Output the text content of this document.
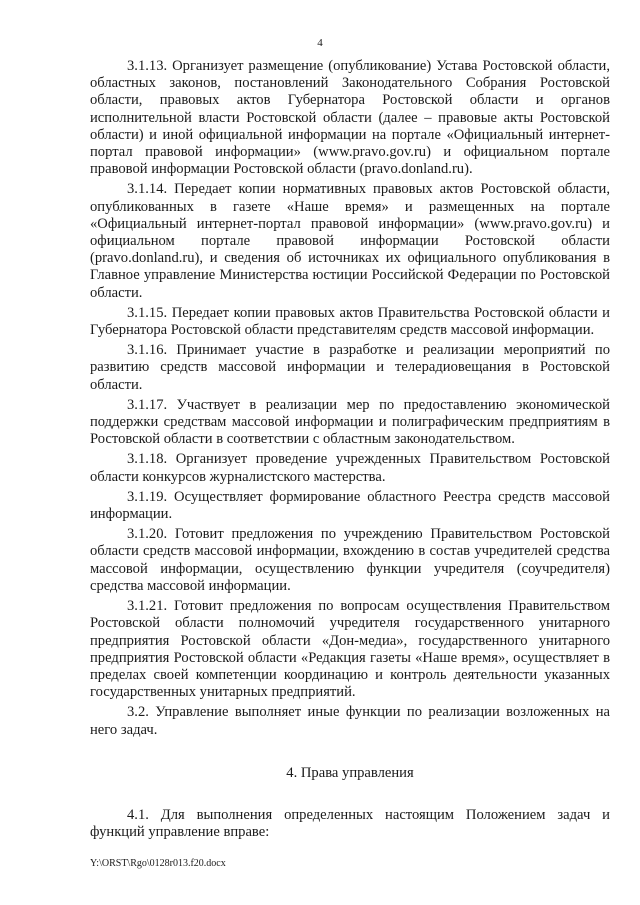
4

3.1.13. Организует размещение (опубликование) Устава Ростовской области, областных законов, постановлений Законодательного Собрания Ростовской области, правовых актов Губернатора Ростовской области и органов исполнительной власти Ростовской области (далее – правовые акты Ростовской области) и иной официальной информации на портале «Официальный интернет-портал правовой информации» (www.pravo.gov.ru) и официальном портале правовой информации Ростовской области (pravo.donland.ru).

3.1.14. Передает копии нормативных правовых актов Ростовской области, опубликованных в газете «Наше время» и размещенных на портале «Официальный интернет-портал правовой информации» (www.pravo.gov.ru) и официальном портале правовой информации Ростовской области (pravo.donland.ru), и сведения об источниках их официального опубликования в Главное управление Министерства юстиции Российской Федерации по Ростовской области.

3.1.15. Передает копии правовых актов Правительства Ростовской области и Губернатора Ростовской области представителям средств массовой информации.

3.1.16. Принимает участие в разработке и реализации мероприятий по развитию средств массовой информации и телерадиовещания в Ростовской области.

3.1.17. Участвует в реализации мер по предоставлению экономической поддержки средствам массовой информации и полиграфическим предприятиям в Ростовской области в соответствии с областным законодательством.

3.1.18. Организует проведение учрежденных Правительством Ростовской области конкурсов журналистского мастерства.

3.1.19. Осуществляет формирование областного Реестра средств массовой информации.

3.1.20. Готовит предложения по учреждению Правительством Ростовской области средств массовой информации, вхождению в состав учредителей средства массовой информации, осуществлению функции учредителя (соучредителя) средства массовой информации.

3.1.21. Готовит предложения по вопросам осуществления Правительством Ростовской области полномочий учредителя государственного унитарного предприятия Ростовской области «Дон-медиа», государственного унитарного предприятия Ростовской области «Редакция газеты «Наше время», осуществляет в пределах своей компетенции координацию и контроль деятельности указанных государственных унитарных предприятий.

3.2. Управление выполняет иные функции по реализации возложенных на него задач.

4. Права управления

4.1. Для выполнения определенных настоящим Положением задач и функций управление вправе:

Y:\ORST\Rgo\0128r013.f20.docx
